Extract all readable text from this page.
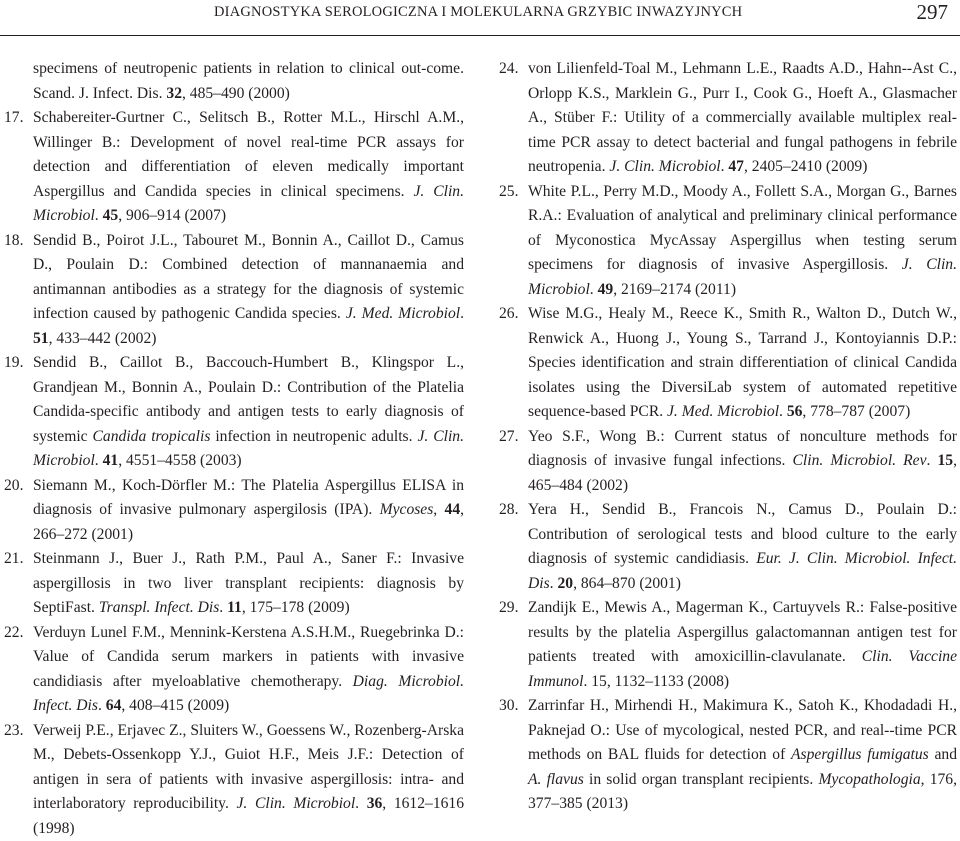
DIAGNOSTYKA SEROLOGICZNA I MOLEKULARNA GRZYBIC INWAZYJNYCH	297
specimens of neutropenic patients in relation to clinical out-come. Scand. J. Infect. Dis. 32, 485–490 (2000)
17. Schabereiter-Gurtner C., Selitsch B., Rotter M.L., Hirschl A.M., Willinger B.: Development of novel real-time PCR assays for detection and differentiation of eleven medically important Aspergillus and Candida species in clinical specimens. J. Clin. Microbiol. 45, 906–914 (2007)
18. Sendid B., Poirot J.L., Tabouret M., Bonnin A., Caillot D., Camus D., Poulain D.: Combined detection of mannanaemia and antimannan antibodies as a strategy for the diagnosis of systemic infection caused by pathogenic Candida species. J. Med. Microbiol. 51, 433–442 (2002)
19. Sendid B., Caillot B., Baccouch-Humbert B., Klingspor L., Grandjean M., Bonnin A., Poulain D.: Contribution of the Platelia Candida-specific antibody and antigen tests to early diagnosis of systemic Candida tropicalis infection in neutropenic adults. J. Clin. Microbiol. 41, 4551–4558 (2003)
20. Siemann M., Koch-Dörfler M.: The Platelia Aspergillus ELISA in diagnosis of invasive pulmonary aspergilosis (IPA). Mycoses, 44, 266–272 (2001)
21. Steinmann J., Buer J., Rath P.M., Paul A., Saner F.: Invasive aspergillosis in two liver transplant recipients: diagnosis by SeptiFast. Transpl. Infect. Dis. 11, 175–178 (2009)
22. Verduyn Lunel F.M., Mennink-Kerstena A.S.H.M., Ruegebrinka D.: Value of Candida serum markers in patients with invasive candidiasis after myeloablative chemotherapy. Diag. Microbiol. Infect. Dis. 64, 408–415 (2009)
23. Verweij P.E., Erjavec Z., Sluiters W., Goessens W., Rozenberg-Arska M., Debets-Ossenkopp Y.J., Guiot H.F., Meis J.F.: Detection of antigen in sera of patients with invasive aspergillosis: intra- and interlaboratory reproducibility. J. Clin. Microbiol. 36, 1612–1616 (1998)
24. von Lilienfeld-Toal M., Lehmann L.E., Raadts A.D., Hahn--Ast C., Orlopp K.S., Marklein G., Purr I., Cook G., Hoeft A., Glasmacher A., Stüber F.: Utility of a commercially available multiplex real-time PCR assay to detect bacterial and fungal pathogens in febrile neutropenia. J. Clin. Microbiol. 47, 2405–2410 (2009)
25. White P.L., Perry M.D., Moody A., Follett S.A., Morgan G., Barnes R.A.: Evaluation of analytical and preliminary clinical performance of Myconostica MycAssay Aspergillus when testing serum specimens for diagnosis of invasive Aspergillosis. J. Clin. Microbiol. 49, 2169–2174 (2011)
26. Wise M.G., Healy M., Reece K., Smith R., Walton D., Dutch W., Renwick A., Huong J., Young S., Tarrand J., Kontoyiannis D.P.: Species identification and strain differentiation of clinical Candida isolates using the DiversiLab system of automated repetitive sequence-based PCR. J. Med. Microbiol. 56, 778–787 (2007)
27. Yeo S.F., Wong B.: Current status of nonculture methods for diagnosis of invasive fungal infections. Clin. Microbiol. Rev. 15, 465–484 (2002)
28. Yera H., Sendid B., Francois N., Camus D., Poulain D.: Contribution of serological tests and blood culture to the early diagnosis of systemic candidiasis. Eur. J. Clin. Microbiol. Infect. Dis. 20, 864–870 (2001)
29. Zandijk E., Mewis A., Magerman K., Cartuyvels R.: False-positive results by the platelia Aspergillus galactomannan antigen test for patients treated with amoxicillin-clavulanate. Clin. Vaccine Immunol. 15, 1132–1133 (2008)
30. Zarrinfar H., Mirhendi H., Makimura K., Satoh K., Khodadadi H., Paknejad O.: Use of mycological, nested PCR, and real--time PCR methods on BAL fluids for detection of Aspergillus fumigatus and A. flavus in solid organ transplant recipients. Mycopathologia, 176, 377–385 (2013)
